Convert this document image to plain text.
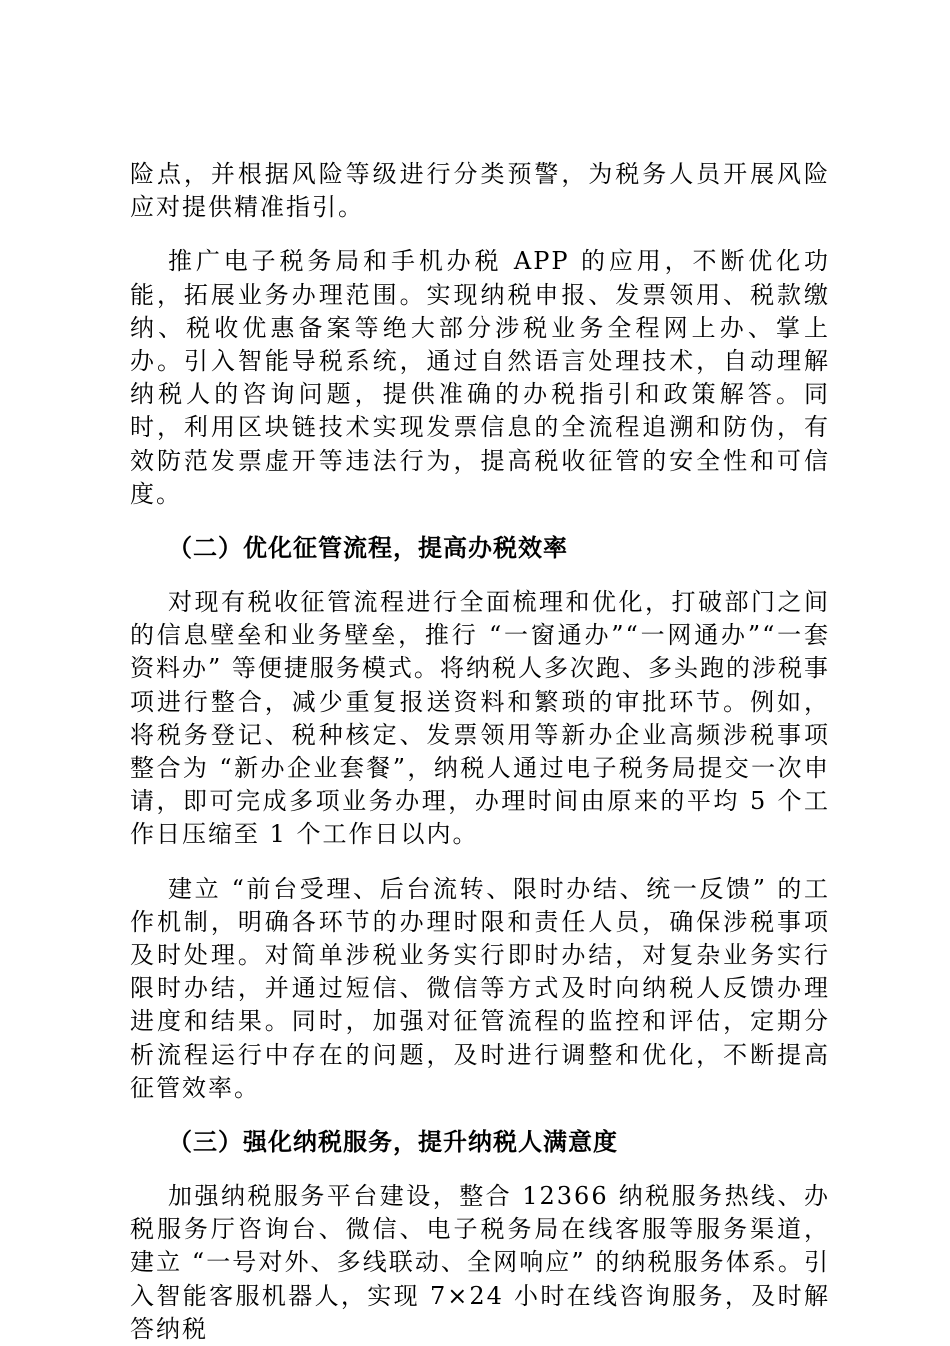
险点，并根据风险等级进行分类预警，为税务人员开展风险应对提供精准指引。

推广电子税务局和手机办税 APP 的应用，不断优化功能，拓展业务办理范围。实现纳税申报、发票领用、税款缴纳、税收优惠备案等绝大部分涉税业务全程网上办、掌上办。引入智能导税系统，通过自然语言处理技术，自动理解纳税人的咨询问题，提供准确的办税指引和政策解答。同时，利用区块链技术实现发票信息的全流程追溯和防伪，有效防范发票虚开等违法行为，提高税收征管的安全性和可信度。

（二）优化征管流程，提高办税效率

对现有税收征管流程进行全面梳理和优化，打破部门之间的信息壁垒和业务壁垒，推行 “一窗通办”“一网通办”“一套资料办” 等便捷服务模式。将纳税人多次跑、多头跑的涉税事项进行整合，减少重复报送资料和繁琐的审批环节。例如，将税务登记、税种核定、发票领用等新办企业高频涉税事项整合为 “新办企业套餐”，纳税人通过电子税务局提交一次申请，即可完成多项业务办理，办理时间由原来的平均 5 个工作日压缩至 1 个工作日以内。

建立 “前台受理、后台流转、限时办结、统一反馈” 的工作机制，明确各环节的办理时限和责任人员，确保涉税事项及时处理。对简单涉税业务实行即时办结，对复杂业务实行限时办结，并通过短信、微信等方式及时向纳税人反馈办理进度和结果。同时，加强对征管流程的监控和评估，定期分析流程运行中存在的问题，及时进行调整和优化，不断提高征管效率。

（三）强化纳税服务，提升纳税人满意度

加强纳税服务平台建设，整合 12366 纳税服务热线、办税服务厅咨询台、微信、电子税务局在线客服等服务渠道，建立 “一号对外、多线联动、全网响应” 的纳税服务体系。引入智能客服机器人，实现 7×24 小时在线咨询服务，及时解答纳税
